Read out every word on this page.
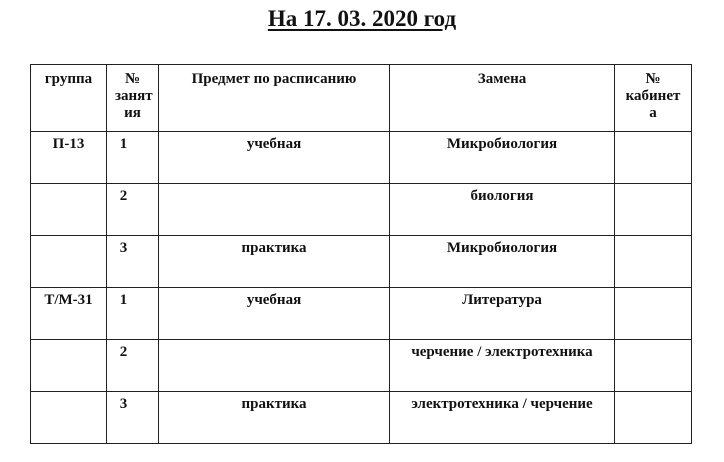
На 17. 03. 2020 год
группа	№ занят ия	Предмет по расписанию	Замена	№ кабинет а

П-13	1	учебная	Микробиология	

	2		биология	

	3	практика	Микробиология	

Т/М-31	1	учебная	Литература	

	2		черчение / электротехника	

	3	практика	электротехника / черчение	
